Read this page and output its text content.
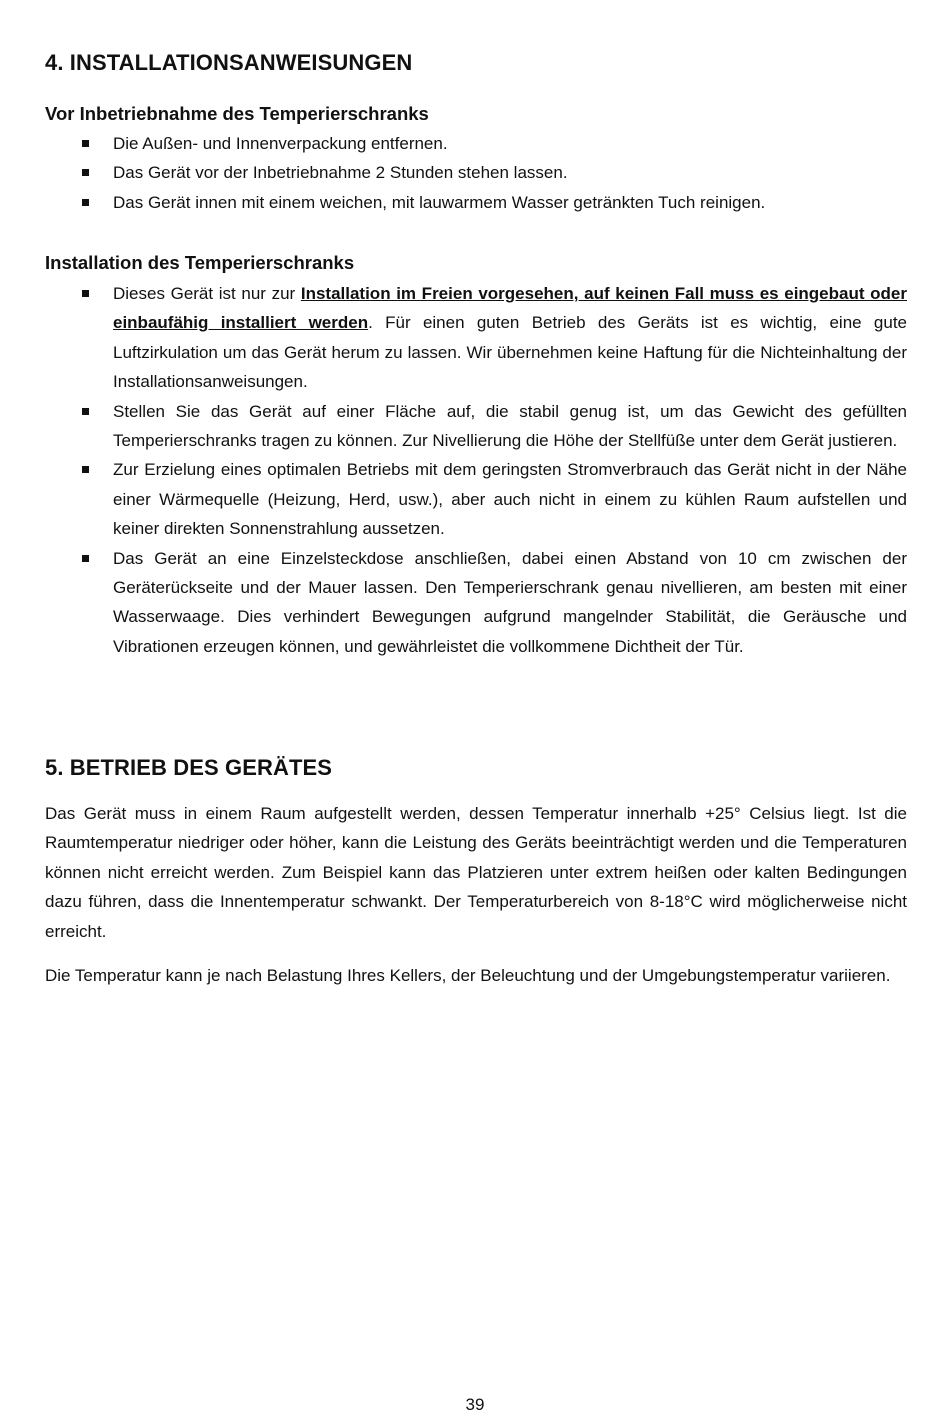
4. INSTALLATIONSANWEISUNGEN
Vor Inbetriebnahme des Temperierschranks
Die Außen- und Innenverpackung entfernen.
Das Gerät vor der Inbetriebnahme 2 Stunden stehen lassen.
Das Gerät innen mit einem weichen, mit lauwarmem Wasser getränkten Tuch reinigen.
Installation des Temperierschranks
Dieses Gerät ist nur zur Installation im Freien vorgesehen, auf keinen Fall muss es eingebaut oder einbaufähig installiert werden. Für einen guten Betrieb des Geräts ist es wichtig, eine gute Luftzirkulation um das Gerät herum zu lassen. Wir übernehmen keine Haftung für die Nichteinhaltung der Installationsanweisungen.
Stellen Sie das Gerät auf einer Fläche auf, die stabil genug ist, um das Gewicht des gefüllten Temperierschranks tragen zu können. Zur Nivellierung die Höhe der Stellfüße unter dem Gerät justieren.
Zur Erzielung eines optimalen Betriebs mit dem geringsten Stromverbrauch das Gerät nicht in der Nähe einer Wärmequelle (Heizung, Herd, usw.), aber auch nicht in einem zu kühlen Raum aufstellen und keiner direkten Sonnenstrahlung aussetzen.
Das Gerät an eine Einzelsteckdose anschließen, dabei einen Abstand von 10 cm zwischen der Geräterückseite und der Mauer lassen. Den Temperierschrank genau nivellieren, am besten mit einer Wasserwaage. Dies verhindert Bewegungen aufgrund mangelnder Stabilität, die Geräusche und Vibrationen erzeugen können, und gewährleistet die vollkommene Dichtheit der Tür.
5. BETRIEB DES GERÄTES

Das Gerät muss in einem Raum aufgestellt werden, dessen Temperatur innerhalb +25° Celsius liegt. Ist die Raumtemperatur niedriger oder höher, kann die Leistung des Geräts beeinträchtigt werden und die Temperaturen können nicht erreicht werden. Zum Beispiel kann das Platzieren unter extrem heißen oder kalten Bedingungen dazu führen, dass die Innentemperatur schwankt. Der Temperaturbereich von 8-18°C wird möglicherweise nicht erreicht.

Die Temperatur kann je nach Belastung Ihres Kellers, der Beleuchtung und der Umgebungstemperatur variieren.

39
